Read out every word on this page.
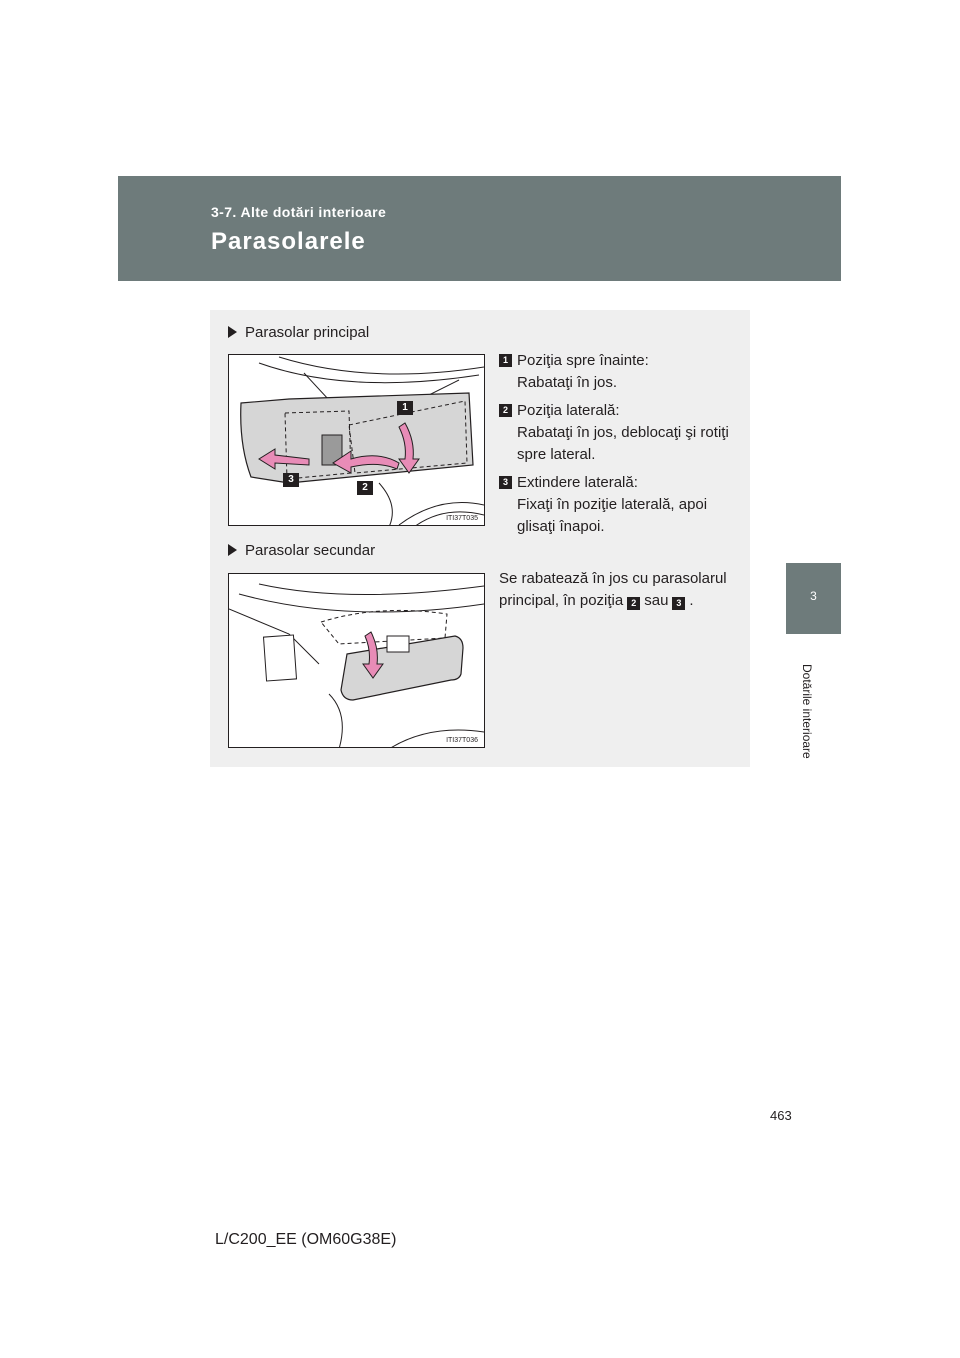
3-7. Alte dotări interioare
Parasolarele
3
Dotările interioare
Parasolar principal
1
3
2
ITI37T035
1 Poziţia spre înainte:
Rabataţi în jos.
2 Poziţia laterală:
Rabataţi în jos, deblocaţi şi rotiţi
spre lateral.
3 Extindere laterală:
Fixaţi în poziţie laterală, apoi
glisaţi înapoi.
Parasolar secundar
ITI37T036
Se rabatează în jos cu parasolarul
principal, în poziţia 2 sau 3 .
463
L/C200_EE (OM60G38E)
